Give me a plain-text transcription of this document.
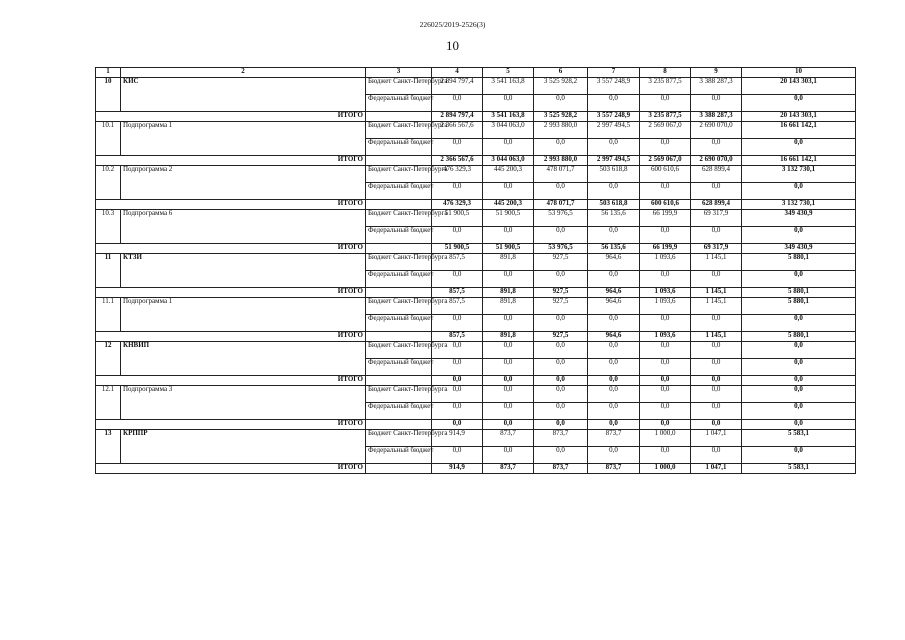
226025/2019-2526(3)
10
1	2	3	4	5	6	7	8	9	10
10	КИС	Бюджет Санкт-Петербурга	2 894 797,4	3 541 163,8	3 525 928,2	3 557 248,9	3 235 877,5	3 388 287,3	20 143 303,1
		Федеральный бюджет	0,0	0,0	0,0	0,0	0,0	0,0	0,0
ИТОГО			2 894 797,4	3 541 163,8	3 525 928,2	3 557 248,9	3 235 877,5	3 388 287,3	20 143 303,1
10.1	Подпрограмма 1	Бюджет Санкт-Петербурга	2 366 567,6	3 044 063,0	2 993 880,0	2 997 494,5	2 569 067,0	2 690 070,0	16 661 142,1
		Федеральный бюджет	0,0	0,0	0,0	0,0	0,0	0,0	0,0
ИТОГО			2 366 567,6	3 044 063,0	2 993 880,0	2 997 494,5	2 569 067,0	2 690 070,0	16 661 142,1
10.2	Подпрограмма 2	Бюджет Санкт-Петербурга	476 329,3	445 200,3	478 071,7	503 618,8	600 610,6	628 899,4	3 132 730,1
		Федеральный бюджет	0,0	0,0	0,0	0,0	0,0	0,0	0,0
ИТОГО			476 329,3	445 200,3	478 071,7	503 618,8	600 610,6	628 899,4	3 132 730,1
10.3	Подпрограмма 6	Бюджет Санкт-Петербурга	51 900,5	51 900,5	53 976,5	56 135,6	66 199,9	69 317,9	349 430,9
		Федеральный бюджет	0,0	0,0	0,0	0,0	0,0	0,0	0,0
ИТОГО			51 900,5	51 900,5	53 976,5	56 135,6	66 199,9	69 317,9	349 430,9
11	КТЗИ	Бюджет Санкт-Петербурга	857,5	891,8	927,5	964,6	1 093,6	1 145,1	5 880,1
		Федеральный бюджет	0,0	0,0	0,0	0,0	0,0	0,0	0,0
ИТОГО			857,5	891,8	927,5	964,6	1 093,6	1 145,1	5 880,1
11.1	Подпрограмма 1	Бюджет Санкт-Петербурга	857,5	891,8	927,5	964,6	1 093,6	1 145,1	5 880,1
		Федеральный бюджет	0,0	0,0	0,0	0,0	0,0	0,0	0,0
ИТОГО			857,5	891,8	927,5	964,6	1 093,6	1 145,1	5 880,1
12	КНВИП	Бюджет Санкт-Петербурга	0,0	0,0	0,0	0,0	0,0	0,0	0,0
		Федеральный бюджет	0,0	0,0	0,0	0,0	0,0	0,0	0,0
ИТОГО			0,0	0,0	0,0	0,0	0,0	0,0	0,0
12.1	Подпрограмма 3	Бюджет Санкт-Петербурга	0,0	0,0	0,0	0,0	0,0	0,0	0,0
		Федеральный бюджет	0,0	0,0	0,0	0,0	0,0	0,0	0,0
ИТОГО			0,0	0,0	0,0	0,0	0,0	0,0	0,0
13	КРППР	Бюджет Санкт-Петербурга	914,9	873,7	873,7	873,7	1 000,0	1 047,1	5 583,1
		Федеральный бюджет	0,0	0,0	0,0	0,0	0,0	0,0	0,0
ИТОГО			914,9	873,7	873,7	873,7	1 000,0	1 047,1	5 583,1
